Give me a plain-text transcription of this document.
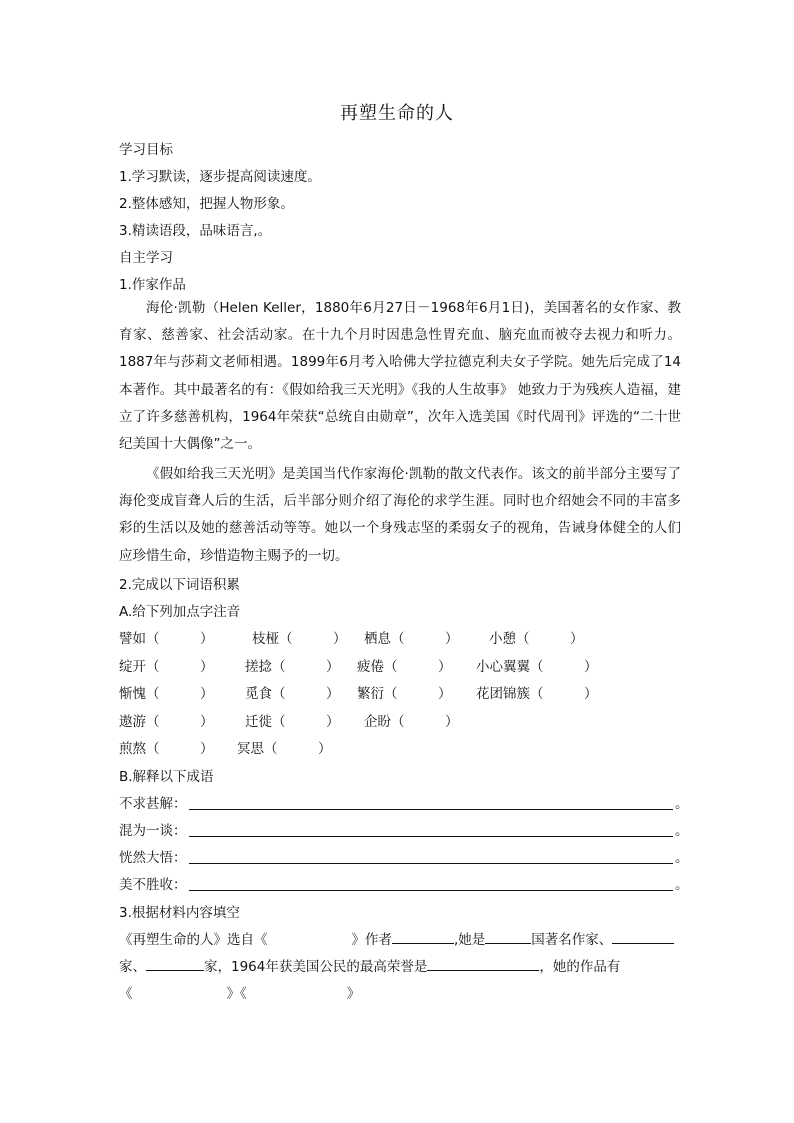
再塑生命的人
学习目标
1.学习默读，逐步提高阅读速度。
2.整体感知，把握人物形象。
3.精读语段，品味语言,。
自主学习
1.作家作品
海伦·凯勒（Helen Keller，1880年6月27日－1968年6月1日)，美国著名的女作家、教育家、慈善家、社会活动家。在十九个月时因患急性胃充血、脑充血而被夺去视力和听力。1887年与莎莉文老师相遇。1899年6月考入哈佛大学拉德克利夫女子学院。她先后完成了14本著作。其中最著名的有：《假如给我三天光明》《我的人生故事》 她致力于为残疾人造福，建立了许多慈善机构，1964年荣获“总统自由勋章”，次年入选美国《时代周刊》评选的“二十世纪美国十大偶像”之一。
《假如给我三天光明》是美国当代作家海伦·凯勒的散文代表作。该文的前半部分主要写了海伦变成盲聋人后的生活，后半部分则介绍了海伦的求学生涯。同时也介绍她会不同的丰富多彩的生活以及她的慈善活动等等。她以一个身残志坚的柔弱女子的视角，告诫身体健全的人们应珍惜生命，珍惜造物主赐予的一切。
2.完成以下词语积累
A.给下列加点字注音
譬如（　　　）	枝桠（　　　） 栖息（　　　） 小憩（　　　）
绽开（　　　） 搓捻（　　　） 疲倦（　　　） 小心翼翼（　　　）
惭愧（　　　） 觅食（　　　） 繁衍（　　　） 花团锦簇（　　　）
遨游（　　　） 迁徙（　　　） 企盼（　　　）
煎熬（　　　） 冥思（　　　）
B.解释以下成语
不求甚解：	。
混为一谈：	。
恍然大悟：	。
美不胜收：	。
3.根据材料内容填空
《再塑生命的人》选自《	》作者	,她是	国著名作家、
家、	家，1964年获美国公民的最高荣誉是	，她的作品有
《	》《	》
